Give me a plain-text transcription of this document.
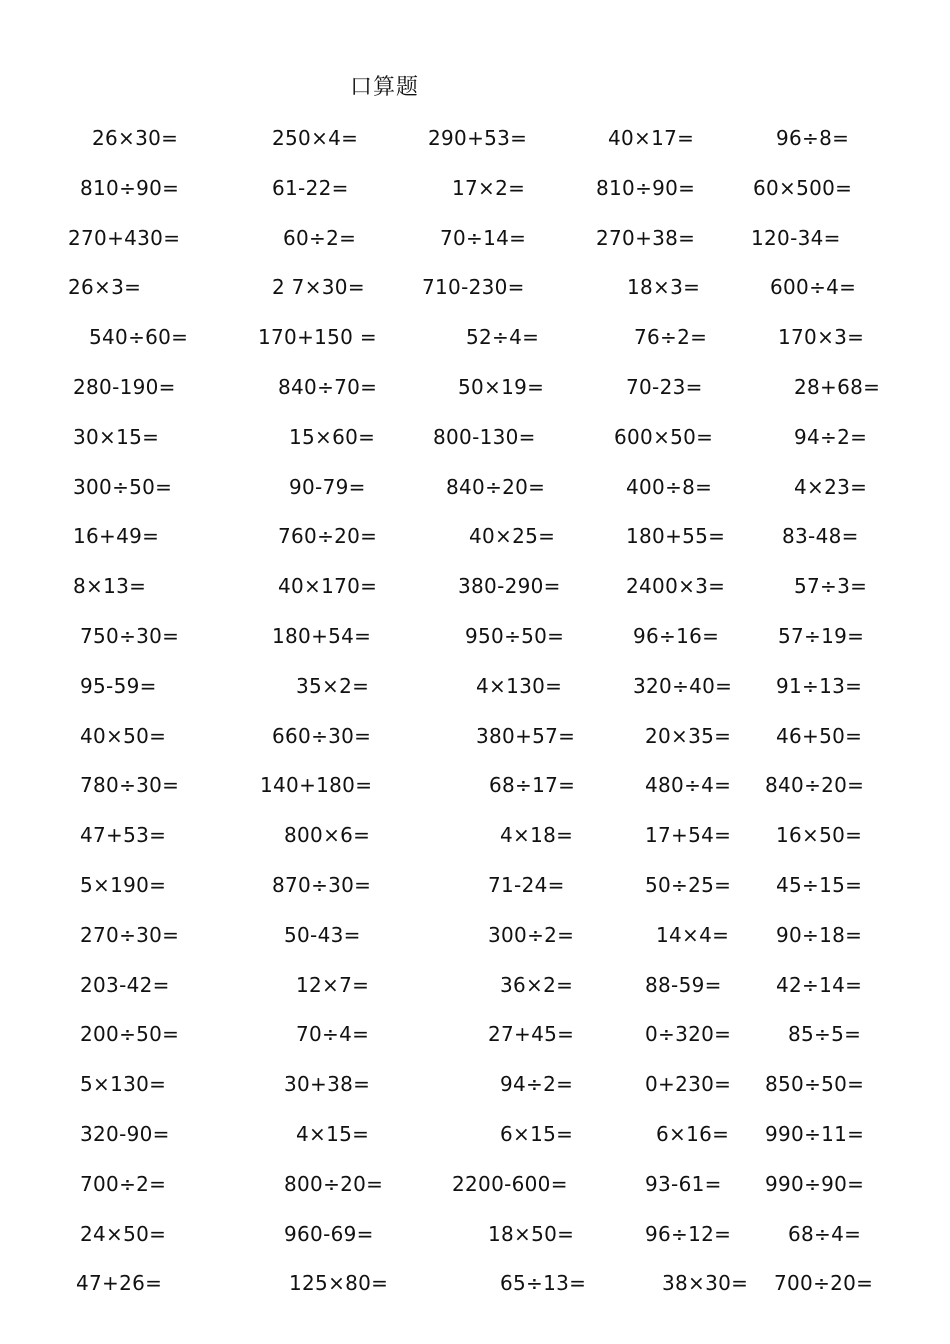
口算题
26×30=	250×4=	290+53=	40×17=	96÷8=
810÷90=	61-22=	17×2=	810÷90=	60×500=
270+430=	60÷2=	70÷14=	270+38=	120-34=
26×3=	2 7×30=	710-230=	18×3=	600÷4=
540÷60=	170+150 =	52÷4=	76÷2=	170×3=
280-190=	840÷70=	50×19=	70-23=	28+68=
30×15=	15×60=	800-130=	600×50=	94÷2=
300÷50=	90-79=	840÷20=	400÷8=	4×23=
16+49=	760÷20=	40×25=	180+55=	83-48=
8×13=	40×170=	380-290=	2400×3=	57÷3=
750÷30=	180+54=	950÷50=	96÷16=	57÷19=
95-59=	35×2=	4×130=	320÷40= 91÷13=
40×50=	660÷30=	380+57=	20×35= 46+50=
780÷30=	140+180=	68÷17=	480÷4= 840÷20=
47+53=	800×6=	4×18=	17+54= 16×50=
5×190=	870÷30=	71-24=	50÷25= 45÷15=
270÷30=	50-43=	300÷2=	14×4= 90÷18=
203-42=	12×7=	36×2=	88-59=	42÷14=
200÷50=	70÷4=	27+45=	0÷320=	85÷5=
5×130=	30+38=	94÷2=	0+230= 850÷50=
320-90=	4×15=	6×15=	6×16= 990÷11=
700÷2=	800÷20=	2200-600=	93-61= 990÷90=
24×50=	960-69=	18×50=	96÷12=	68÷4=
47+26=	125×80=	65÷13=	38×30= 700÷20=
